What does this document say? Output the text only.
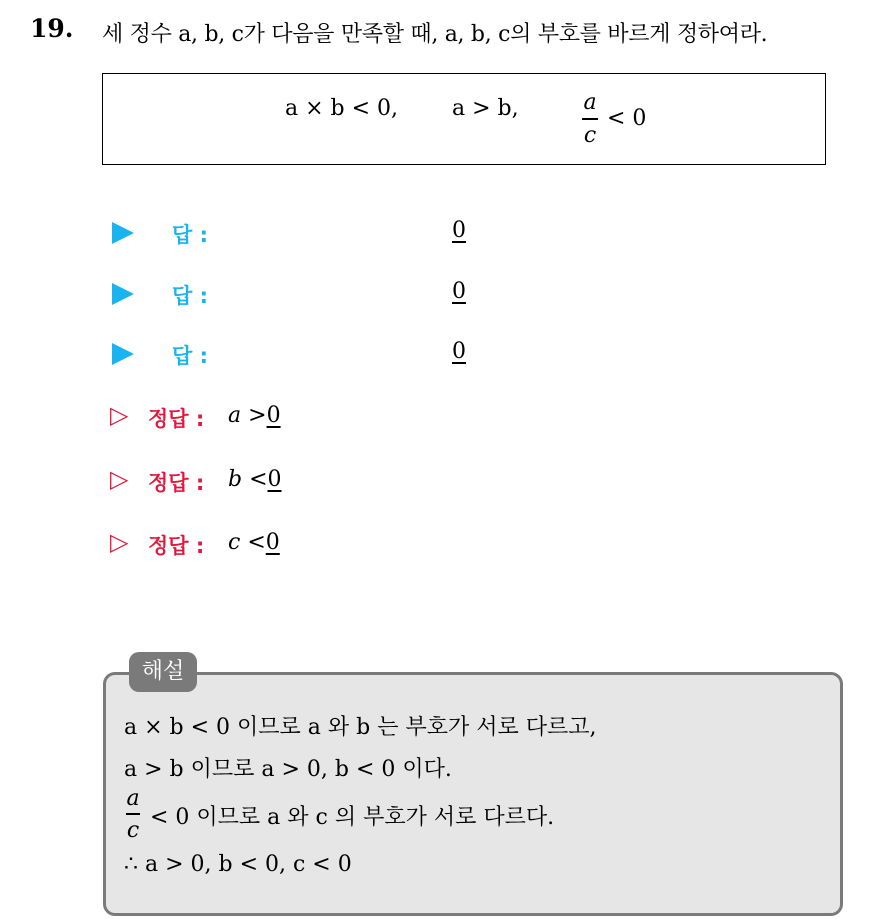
19. 세 정수 a, b, c가 다음을 만족할 때, a, b, c의 부호를 바르게 정하여라.
a × b < 0, a > b,	a
c
< 0
답 :	0
답 :	0
답 :	0
▷ 정답 : a >0
▷ 정답 : b <0
▷ 정답 : c <0
해설
a × b < 0 이므로 a 와 b 는 부호가 서로 다르고,
a > b 이므로 a > 0, b < 0 이다.
a
c
< 0 이므로 a 와 c 의 부호가 서로 다르다.
∴ a > 0, b < 0, c < 0
